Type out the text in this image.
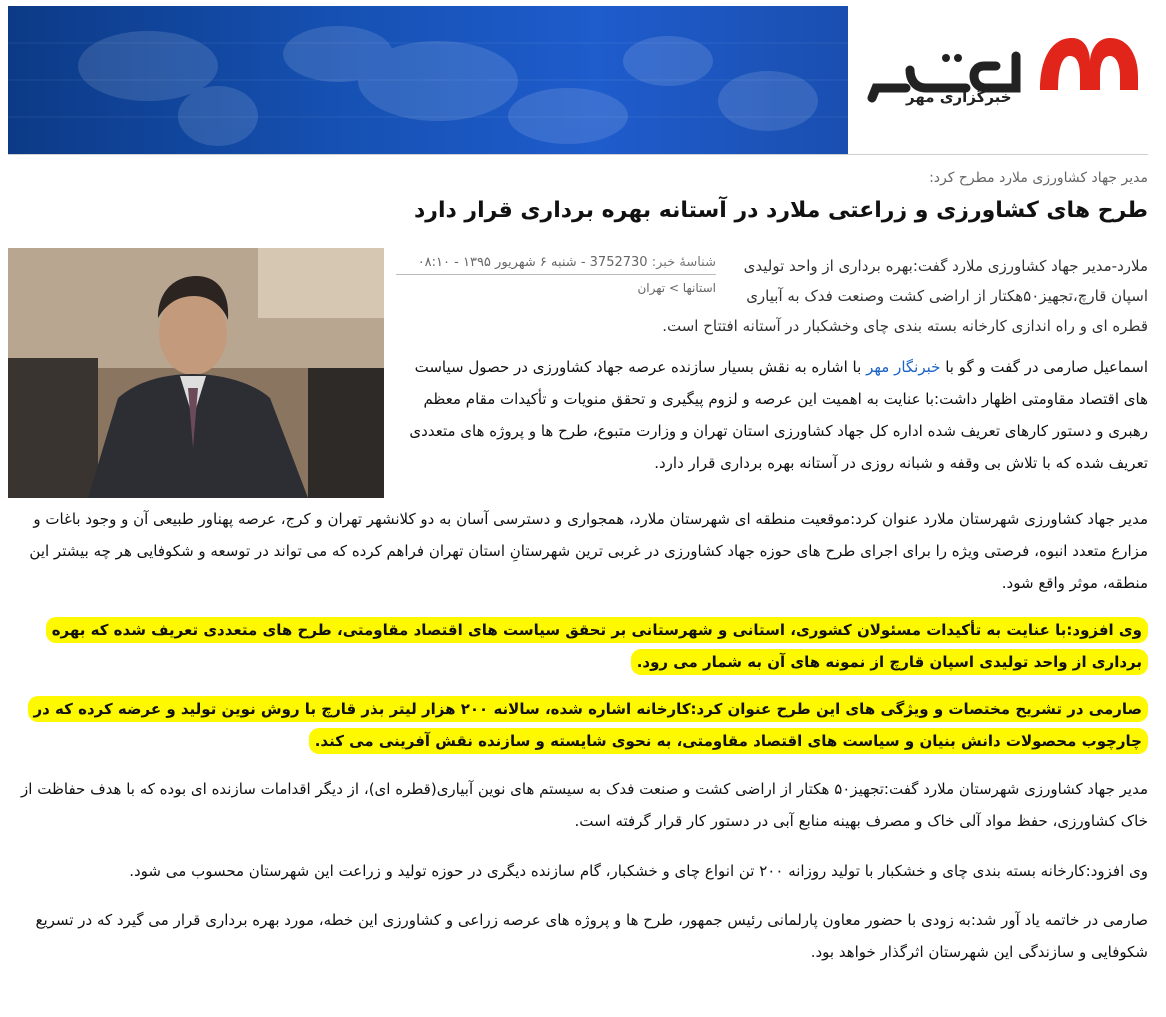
خبرگزاری مهر
مدیر جهاد کشاورزی ملارد مطرح کرد:
طرح های کشاورزی و زراعتی ملارد در آستانه بهره برداری قرار دارد
شناسهٔ خبر: 3752730 - شنبه ۶ شهریور ۱۳۹۵ - ۰۸:۱۰
استانها > تهران
ملارد-مدیر جهاد کشاورزی ملارد گفت:بهره برداری از واحد تولیدی
اسپان قارچ،تجهیز۵۰هکتار از اراضی کشت وصنعت فدک به آبیاری
قطره ای و راه اندازی کارخانه بسته بندی چای وخشکبار در آستانه افتتاح است.
اسماعیل صارمی در گفت و گو با خبرنگار مهر با اشاره به نقش بسیار سازنده عرصه جهاد کشاورزی در حصول سیاست های اقتصاد مقاومتی اظهار داشت:با عنایت به اهمیت این عرصه و لزوم پیگیری و تحقق منویات و تأکیدات مقام معظم رهبری و دستور کارهای تعریف شده اداره کل جهاد کشاورزی استان تهران و وزارت متبوع، طرح ها و پروژه های متعددی تعریف شده که با تلاش بی وقفه و شبانه روزی در آستانه بهره برداری قرار دارد.
مدیر جهاد کشاورزی شهرستان ملارد عنوان کرد:موقعیت منطقه ای شهرستان ملارد، همجواری و دسترسی آسان به دو کلانشهر تهران و کرج، عرصه پهناور طبیعی آن و وجود باغات و مزارع متعدد انبوه، فرصتی ویژه را برای اجرای طرح های حوزه جهاد کشاورزی در غربی ترین شهرستانِ استان تهران فراهم کرده که می تواند در توسعه و شکوفایی هر چه بیشتر این منطقه، موثر واقع شود.
وی افزود:با عنایت به تأکیدات مسئولان کشوری، استانی و شهرستانی بر تحقق سیاست های اقتصاد مقاومتی، طرح های متعددی تعریف شده که بهره برداری از واحد تولیدی اسپان قارچ از نمونه های آن به شمار می رود.
صارمی در تشریح مختصات و ویژگی های این طرح عنوان کرد:کارخانه اشاره شده، سالانه ۲۰۰ هزار لیتر بذر قارچ با روش نوین تولید و عرضه کرده که در چارچوب محصولات دانش بنیان و سیاست های اقتصاد مقاومتی، به نحوی شایسته و سازنده نقش آفرینی می کند.
مدیر جهاد کشاورزی شهرستان ملارد گفت:تجهیز۵۰ هکتار از اراضی کشت و صنعت فدک به سیستم های نوین آبیاری(قطره ای)، از دیگر اقدامات سازنده ای بوده که با هدف حفاظت از خاک کشاورزی، حفظ مواد آلی خاک و مصرف بهینه منابع آبی در دستور کار قرار گرفته است.
وی افزود:کارخانه بسته بندی چای و خشکبار با تولید روزانه ۲۰۰ تن انواع چای و خشکبار، گام سازنده دیگری در حوزه تولید و زراعت این شهرستان محسوب می شود.
صارمی در خاتمه یاد آور شد:به زودی با حضور معاون پارلمانی رئیس جمهور، طرح ها و پروژه های عرصه زراعی و کشاورزی این خطه، مورد بهره برداری قرار می گیرد که در تسریع شکوفایی و سازندگی این شهرستان اثرگذار خواهد بود.
